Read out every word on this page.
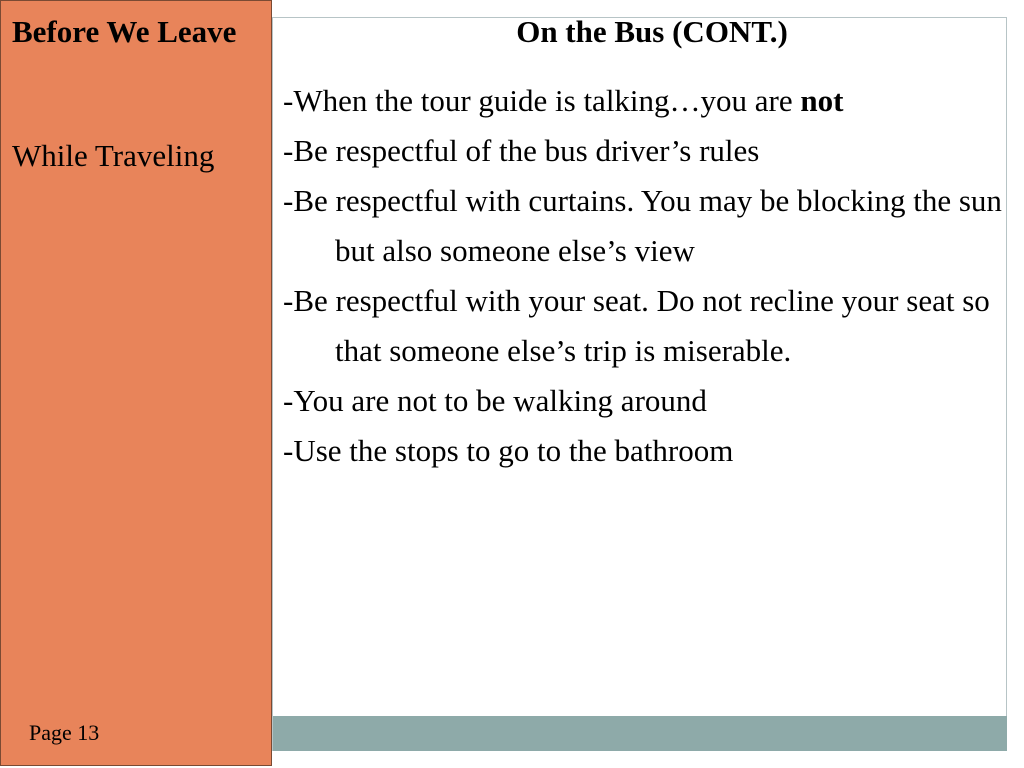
Before We Leave
While Traveling
Page 13
On the Bus (CONT.)
-When the tour guide is talking…you are not
-Be respectful of the bus driver’s rules
-Be respectful with curtains. You may be blocking the sun but also someone else’s view
-Be respectful with your seat. Do not recline your seat so that someone else’s trip is miserable.
-You are not to be walking around
-Use the stops to go to the bathroom
